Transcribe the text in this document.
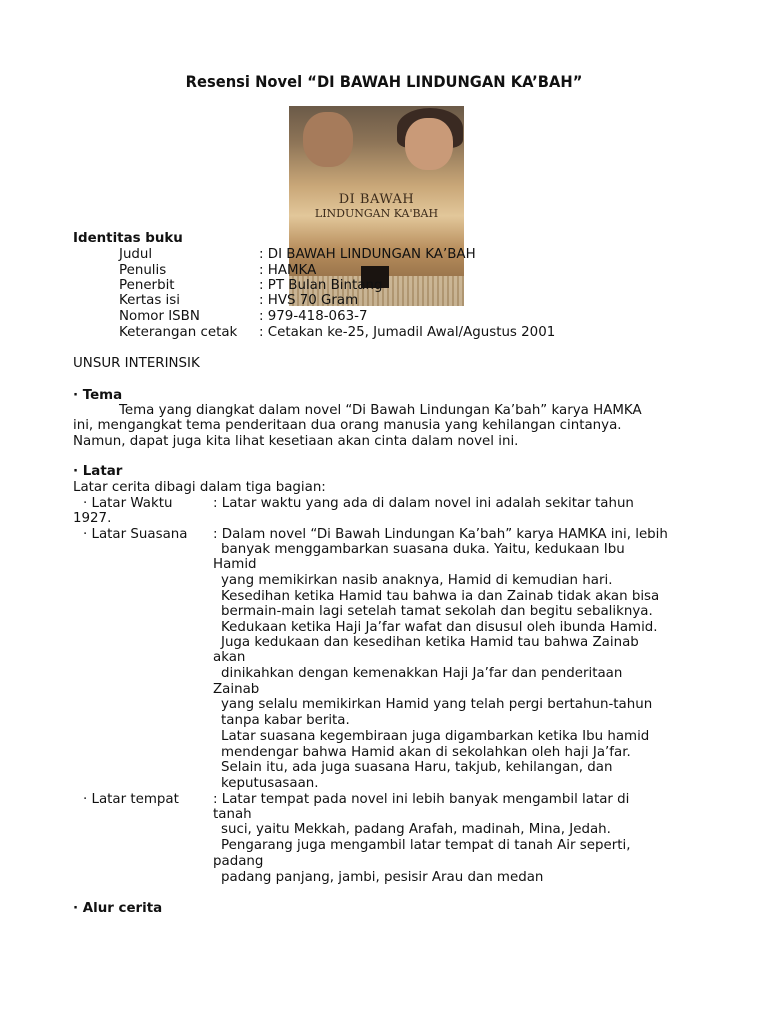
Resensi Novel “DI BAWAH LINDUNGAN KA’BAH”
DI BAWAH
LINDUNGAN KA'BAH
Identitas buku
Judul	: DI BAWAH LINDUNGAN KA’BAH
Penulis	: HAMKA
Penerbit	: PT Bulan Bintang
Kertas isi	: HVS 70 Gram
Nomor ISBN	: 979-418-063-7
Keterangan cetak : Cetakan ke-25, Jumadil Awal/Agustus 2001
UNSUR INTERINSIK
· Tema
Tema yang diangkat dalam novel “Di Bawah Lindungan Ka’bah” karya HAMKA
ini, mengangkat tema penderitaan dua orang manusia yang kehilangan cintanya.
Namun, dapat juga kita lihat kesetiaan akan cinta dalam novel ini.
· Latar
Latar cerita dibagi dalam tiga bagian:
· Latar Waktu	: Latar waktu yang ada di dalam novel ini adalah sekitar tahun
1927.
· Latar Suasana : Dalam novel “Di Bawah Lindungan Ka’bah” karya HAMKA ini, lebih
banyak menggambarkan suasana duka. Yaitu, kedukaan Ibu
Hamid
yang memikirkan nasib anaknya, Hamid di kemudian hari.
Kesedihan ketika Hamid tau bahwa ia dan Zainab tidak akan bisa
bermain-main lagi setelah tamat sekolah dan begitu sebaliknya.
Kedukaan ketika Haji Ja’far wafat dan disusul oleh ibunda Hamid.
Juga kedukaan dan kesedihan ketika Hamid tau bahwa Zainab
akan
dinikahkan dengan kemenakkan Haji Ja’far dan penderitaan
Zainab
yang selalu memikirkan Hamid yang telah pergi bertahun-tahun
tanpa kabar berita.
Latar suasana kegembiraan juga digambarkan ketika Ibu hamid
mendengar bahwa Hamid akan di sekolahkan oleh haji Ja’far.
Selain itu, ada juga suasana Haru, takjub, kehilangan, dan
keputusasaan.
· Latar tempat	: Latar tempat pada novel ini lebih banyak mengambil latar di
tanah
suci, yaitu Mekkah, padang Arafah, madinah, Mina, Jedah.
Pengarang juga mengambil latar tempat di tanah Air seperti,
padang
padang panjang, jambi, pesisir Arau dan medan
· Alur cerita
